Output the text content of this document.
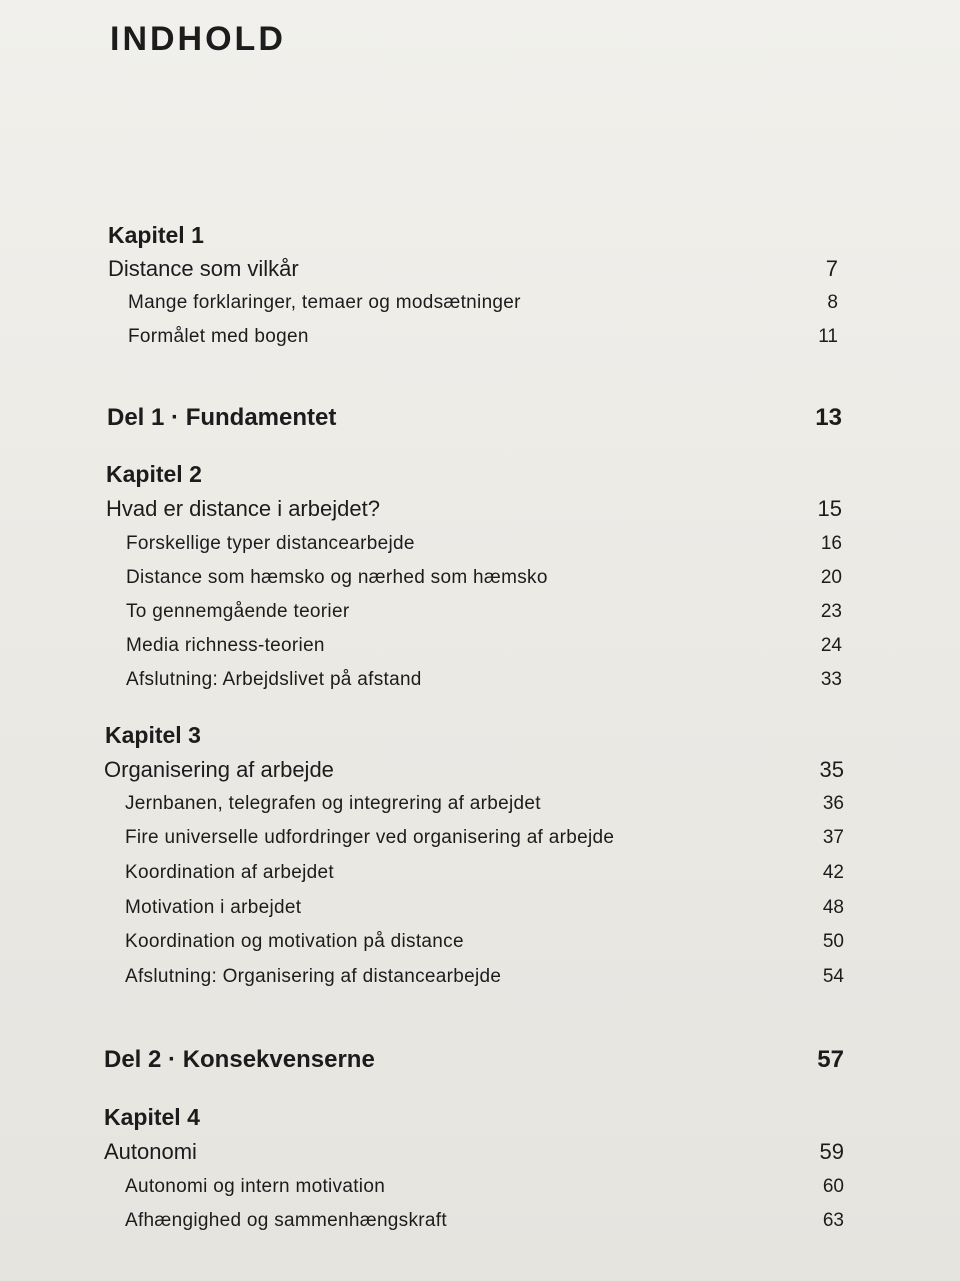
INDHOLD
Kapitel 1
Distance som vilkår	7
Mange forklaringer, temaer og modsætninger	8
Formålet med bogen	11
Del 1 · Fundamentet	13
Kapitel 2
Hvad er distance i arbejdet?	15
Forskellige typer distancearbejde	16
Distance som hæmsko og nærhed som hæmsko	20
To gennemgående teorier	23
Media richness-teorien	24
Afslutning: Arbejdslivet på afstand	33
Kapitel 3
Organisering af arbejde	35
Jernbanen, telegrafen og integrering af arbejdet	36
Fire universelle udfordringer ved organisering af arbejde	37
Koordination af arbejdet	42
Motivation i arbejdet	48
Koordination og motivation på distance	50
Afslutning: Organisering af distancearbejde	54
Del 2 · Konsekvenserne	57
Kapitel 4
Autonomi	59
Autonomi og intern motivation	60
Afhængighed og sammenhængskraft	63
